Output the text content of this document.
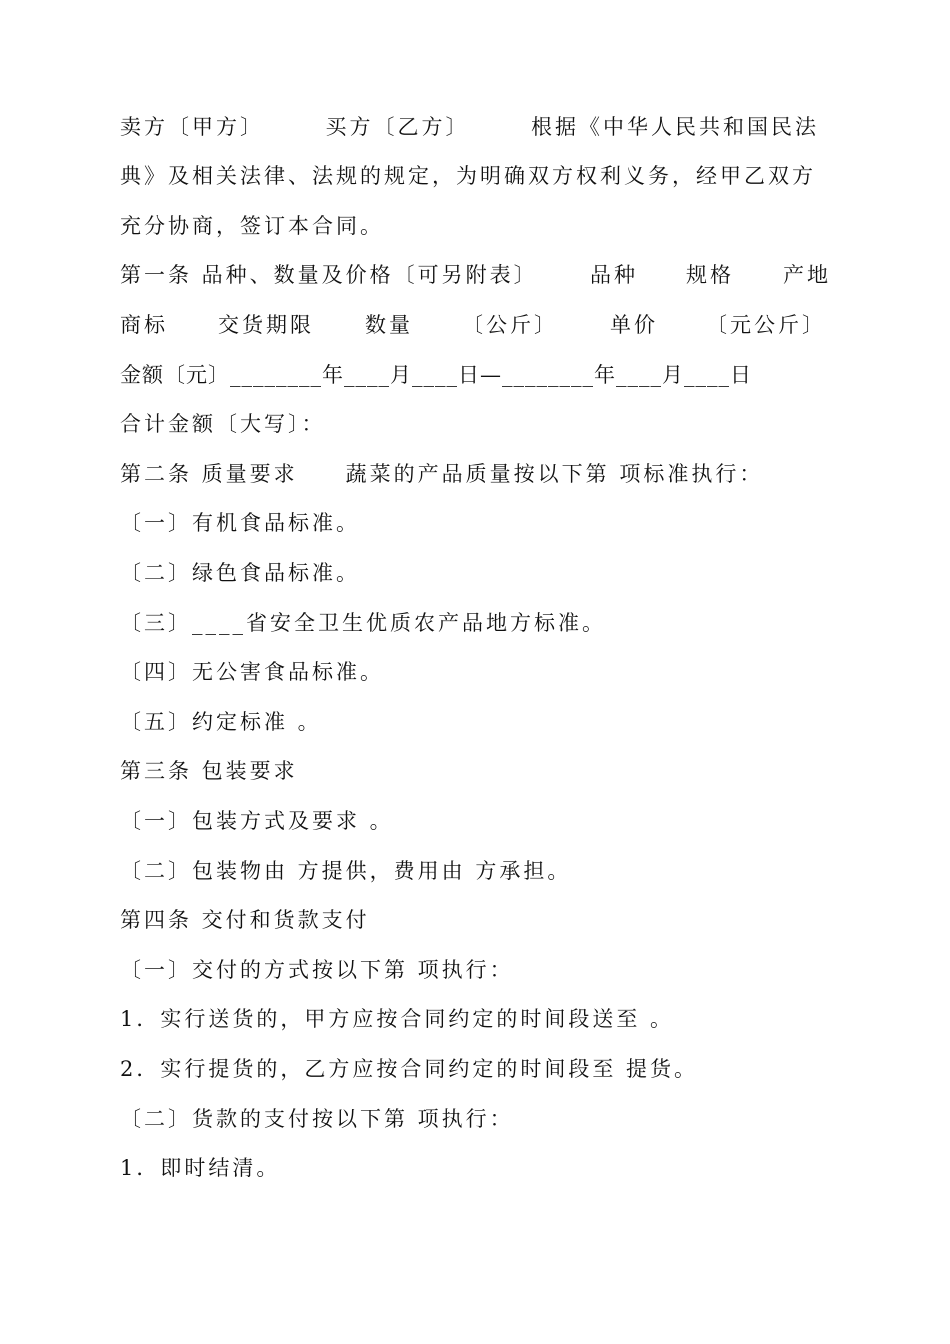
卖方〔甲方〕　　　买方〔乙方〕　　　根据《中华人民共和国民法
典》及相关法律、法规的规定，为明确双方权利义务，经甲乙双方
充分协商，签订本合同。
第一条 品种、数量及价格〔可另附表〕 品种 规格 产地
商标 交货期限 数量 〔公斤〕 单价 〔元公斤〕
金额〔元〕________年____月____日—________年____月____日
合计金额〔大写〕：
第二条 质量要求　　蔬菜的产品质量按以下第 项标准执行：
〔一〕有机食品标准。
〔二〕绿色食品标准。
〔三〕____省安全卫生优质农产品地方标准。
〔四〕无公害食品标准。
〔五〕约定标准 。
第三条 包装要求
〔一〕包装方式及要求 。
〔二〕包装物由 方提供，费用由 方承担。
第四条 交付和货款支付
〔一〕交付的方式按以下第 项执行：
1．实行送货的，甲方应按合同约定的时间段送至 。
2．实行提货的，乙方应按合同约定的时间段至 提货。
〔二〕货款的支付按以下第 项执行：
1．即时结清。
